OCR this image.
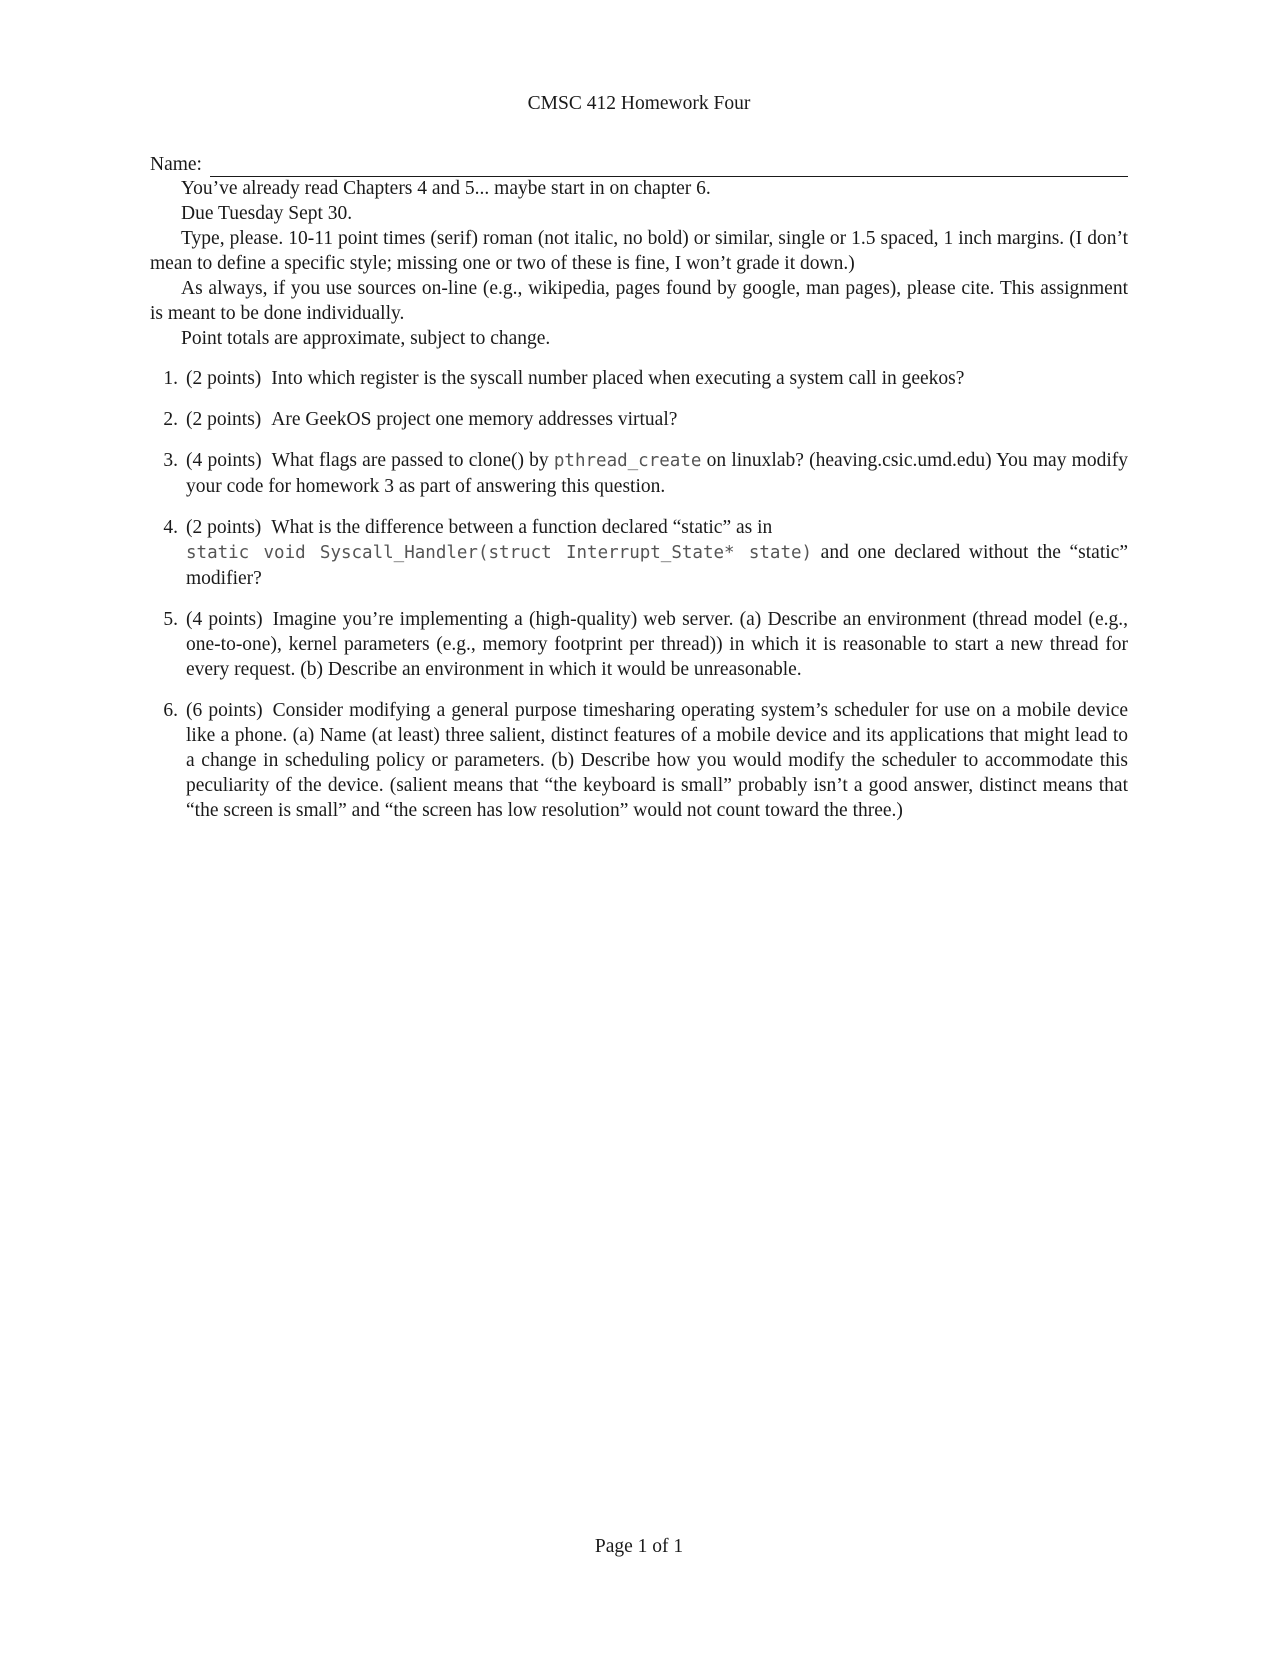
CMSC 412 Homework Four
Name:

You’ve already read Chapters 4 and 5... maybe start in on chapter 6.

Due Tuesday Sept 30.

Type, please. 10-11 point times (serif) roman (not italic, no bold) or similar, single or 1.5 spaced, 1 inch margins. (I don’t mean to define a specific style; missing one or two of these is fine, I won’t grade it down.)

As always, if you use sources on-line (e.g., wikipedia, pages found by google, man pages), please cite. This assignment is meant to be done individually.

Point totals are approximate, subject to change.

1. (2 points) Into which register is the syscall number placed when executing a system call in geekos?
2. (2 points) Are GeekOS project one memory addresses virtual?
3. (4 points) What flags are passed to clone() by pthread_create on linuxlab? (heaving.csic.umd.edu) You may modify your code for homework 3 as part of answering this question.
4. (2 points) What is the difference between a function declared “static” as in
static void Syscall_Handler(struct Interrupt_State* state) and one declared without the “static” modifier?
5. (4 points) Imagine you’re implementing a (high-quality) web server. (a) Describe an environment (thread model (e.g., one-to-one), kernel parameters (e.g., memory footprint per thread)) in which it is reasonable to start a new thread for every request. (b) Describe an environment in which it would be unreasonable.
6. (6 points) Consider modifying a general purpose timesharing operating system’s scheduler for use on a mobile device like a phone. (a) Name (at least) three salient, distinct features of a mobile device and its applications that might lead to a change in scheduling policy or parameters. (b) Describe how you would modify the scheduler to accommodate this peculiarity of the device. (salient means that “the keyboard is small” probably isn’t a good answer, distinct means that “the screen is small” and “the screen has low resolution” would not count toward the three.)
Page 1 of 1
